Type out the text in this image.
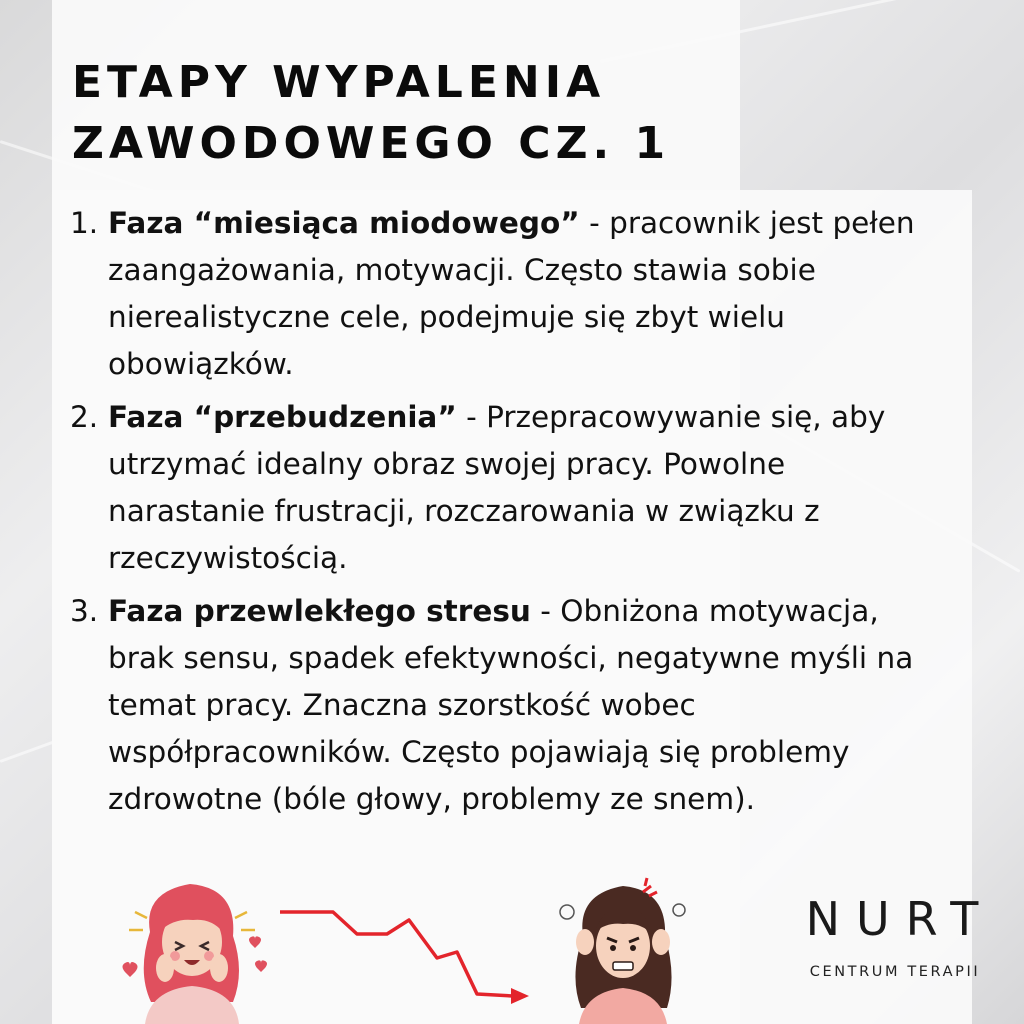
ETAPY WYPALENIA
ZAWODOWEGO CZ. 1
1. Faza “miesiąca miodowego” - pracownik jest pełen zaangażowania, motywacji. Często stawia sobie nierealistyczne cele, podejmuje się zbyt wielu obowiązków.
2. Faza “przebudzenia” - Przepracowywanie się, aby utrzymać idealny obraz swojej pracy. Powolne narastanie frustracji, rozczarowania w związku z rzeczywistością.
3. Faza przewlekłego stresu - Obniżona motywacja, brak sensu, spadek efektywności, negatywne myśli na temat pracy. Znaczna szorstkość wobec współpracowników. Często pojawiają się problemy zdrowotne (bóle głowy, problemy ze snem).
NURT
CENTRUM TERAPII
